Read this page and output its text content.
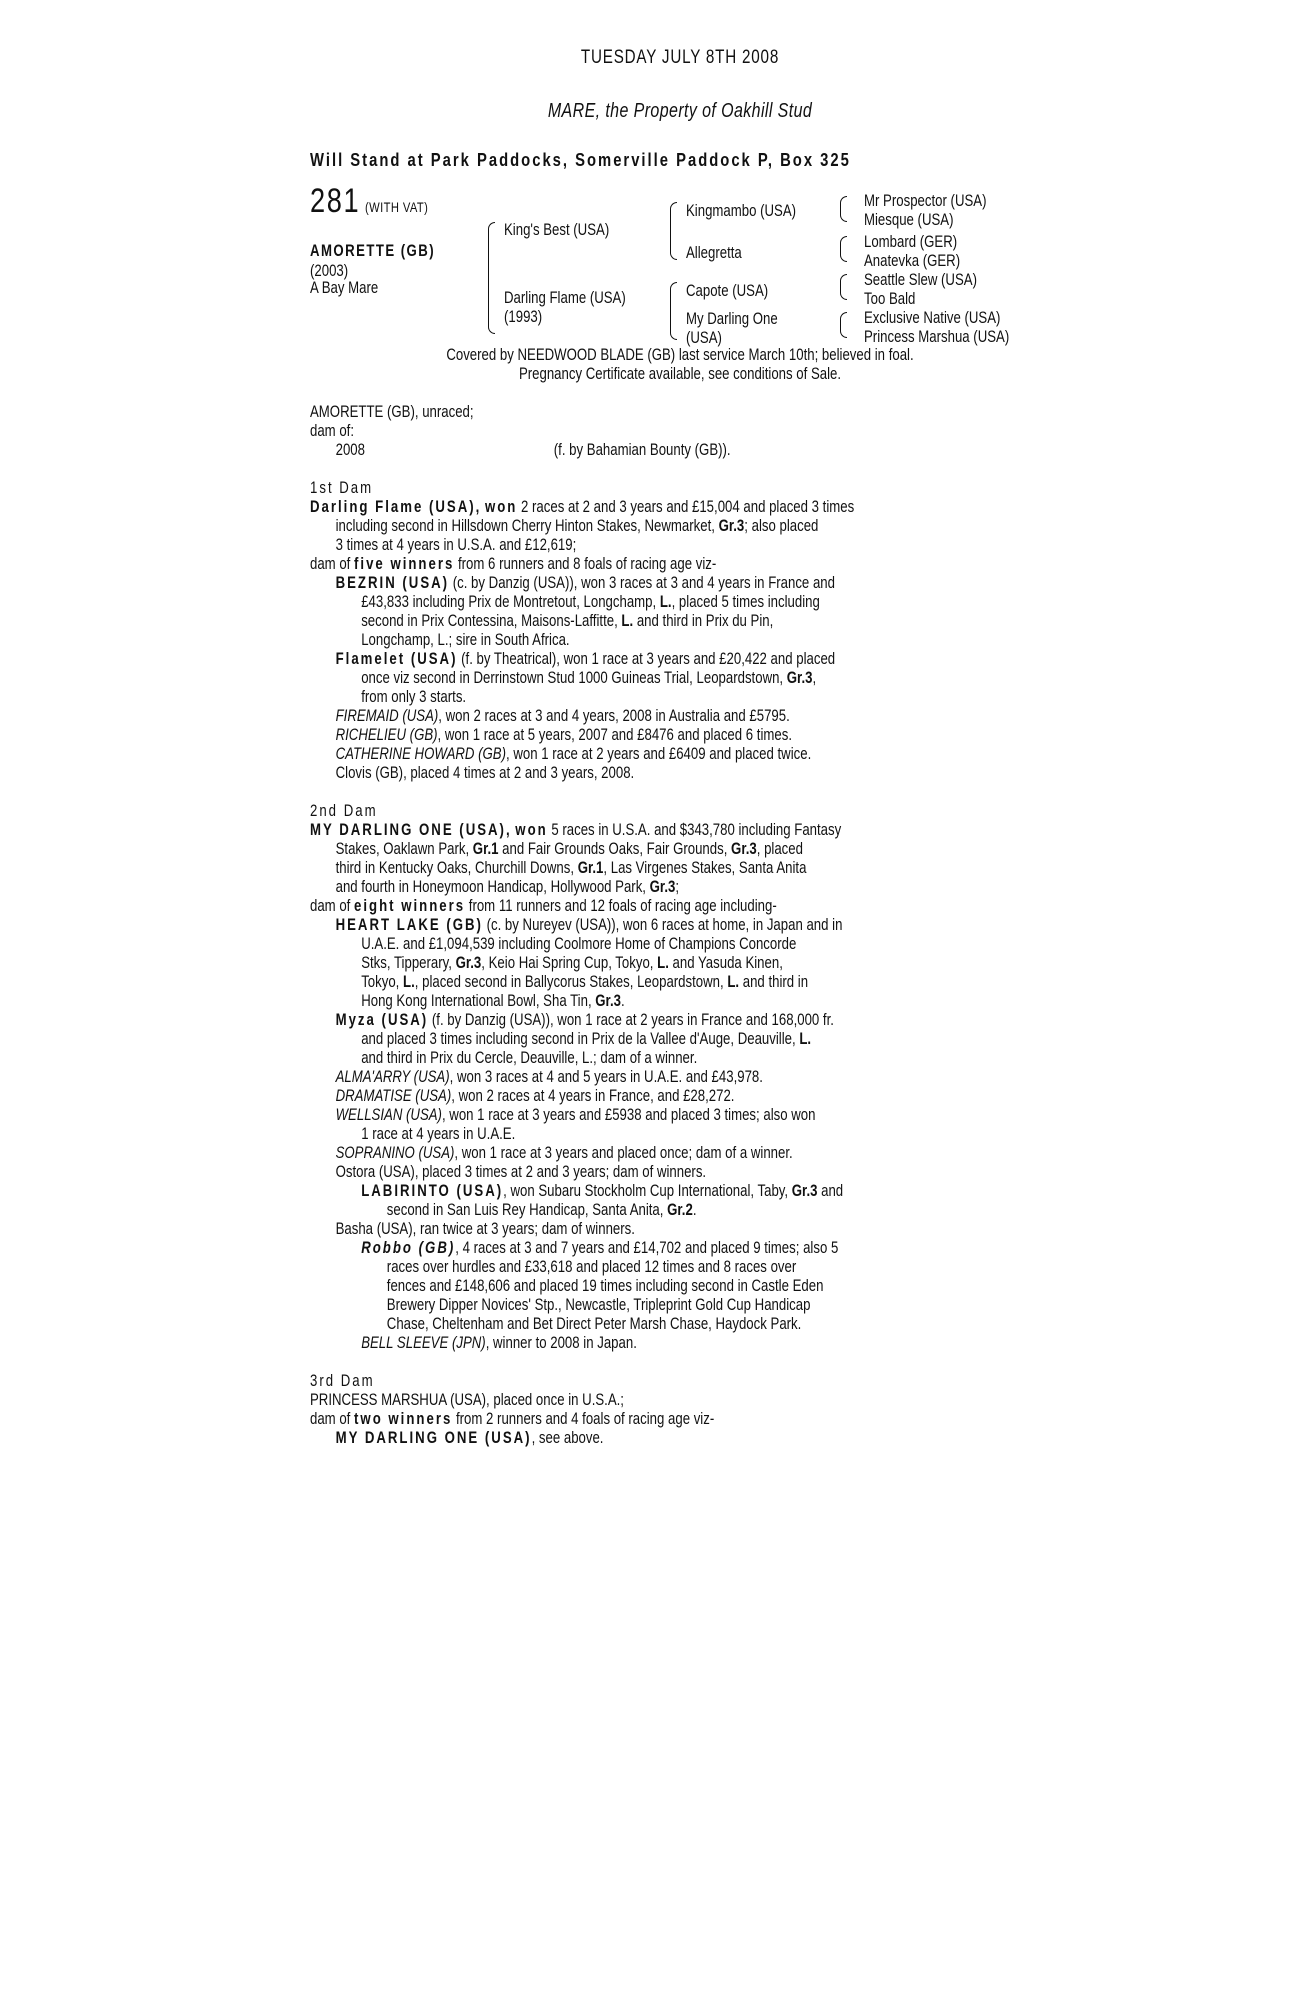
TUESDAY JULY 8TH 2008
MARE, the Property of Oakhill Stud
Will Stand at Park Paddocks, Somerville Paddock P, Box 325
281 (WITH VAT)
AMORETTE (GB)
(2003)
A Bay Mare
King's Best (USA)
Darling Flame (USA)
(1993)
Kingmambo (USA)
Allegretta
Capote (USA)
My Darling One
(USA)
Mr Prospector (USA)
Miesque (USA)
Lombard (GER)
Anatevka (GER)
Seattle Slew (USA)
Too Bald
Exclusive Native (USA)
Princess Marshua (USA)
Covered by NEEDWOOD BLADE (GB) last service March 10th; believed in foal.
Pregnancy Certificate available, see conditions of Sale.
AMORETTE (GB), unraced;
dam of:
2008	(f. by Bahamian Bounty (GB)).
1st Dam
Darling Flame (USA), won 2 races at 2 and 3 years and £15,004 and placed 3 times
including second in Hillsdown Cherry Hinton Stakes, Newmarket, Gr.3; also placed
3 times at 4 years in U.S.A. and £12,619;
dam of five winners from 6 runners and 8 foals of racing age viz-
BEZRIN (USA) (c. by Danzig (USA)), won 3 races at 3 and 4 years in France and
£43,833 including Prix de Montretout, Longchamp, L., placed 5 times including
second in Prix Contessina, Maisons-Laffitte, L. and third in Prix du Pin,
Longchamp, L.; sire in South Africa.
Flamelet (USA) (f. by Theatrical), won 1 race at 3 years and £20,422 and placed
once viz second in Derrinstown Stud 1000 Guineas Trial, Leopardstown, Gr.3,
from only 3 starts.
FIREMAID (USA), won 2 races at 3 and 4 years, 2008 in Australia and £5795.
RICHELIEU (GB), won 1 race at 5 years, 2007 and £8476 and placed 6 times.
CATHERINE HOWARD (GB), won 1 race at 2 years and £6409 and placed twice.
Clovis (GB), placed 4 times at 2 and 3 years, 2008.
2nd Dam
MY DARLING ONE (USA), won 5 races in U.S.A. and $343,780 including Fantasy
Stakes, Oaklawn Park, Gr.1 and Fair Grounds Oaks, Fair Grounds, Gr.3, placed
third in Kentucky Oaks, Churchill Downs, Gr.1, Las Virgenes Stakes, Santa Anita
and fourth in Honeymoon Handicap, Hollywood Park, Gr.3;
dam of eight winners from 11 runners and 12 foals of racing age including-
HEART LAKE (GB) (c. by Nureyev (USA)), won 6 races at home, in Japan and in
U.A.E. and £1,094,539 including Coolmore Home of Champions Concorde
Stks, Tipperary, Gr.3, Keio Hai Spring Cup, Tokyo, L. and Yasuda Kinen,
Tokyo, L., placed second in Ballycorus Stakes, Leopardstown, L. and third in
Hong Kong International Bowl, Sha Tin, Gr.3.
Myza (USA) (f. by Danzig (USA)), won 1 race at 2 years in France and 168,000 fr.
and placed 3 times including second in Prix de la Vallee d'Auge, Deauville, L.
and third in Prix du Cercle, Deauville, L.; dam of a winner.
ALMA'ARRY (USA), won 3 races at 4 and 5 years in U.A.E. and £43,978.
DRAMATISE (USA), won 2 races at 4 years in France, and £28,272.
WELLSIAN (USA), won 1 race at 3 years and £5938 and placed 3 times; also won
1 race at 4 years in U.A.E.
SOPRANINO (USA), won 1 race at 3 years and placed once; dam of a winner.
Ostora (USA), placed 3 times at 2 and 3 years; dam of winners.
LABIRINTO (USA), won Subaru Stockholm Cup International, Taby, Gr.3 and
second in San Luis Rey Handicap, Santa Anita, Gr.2.
Basha (USA), ran twice at 3 years; dam of winners.
Robbo (GB), 4 races at 3 and 7 years and £14,702 and placed 9 times; also 5
races over hurdles and £33,618 and placed 12 times and 8 races over
fences and £148,606 and placed 19 times including second in Castle Eden
Brewery Dipper Novices' Stp., Newcastle, Tripleprint Gold Cup Handicap
Chase, Cheltenham and Bet Direct Peter Marsh Chase, Haydock Park.
BELL SLEEVE (JPN), winner to 2008 in Japan.
3rd Dam
PRINCESS MARSHUA (USA), placed once in U.S.A.;
dam of two winners from 2 runners and 4 foals of racing age viz-
MY DARLING ONE (USA), see above.
